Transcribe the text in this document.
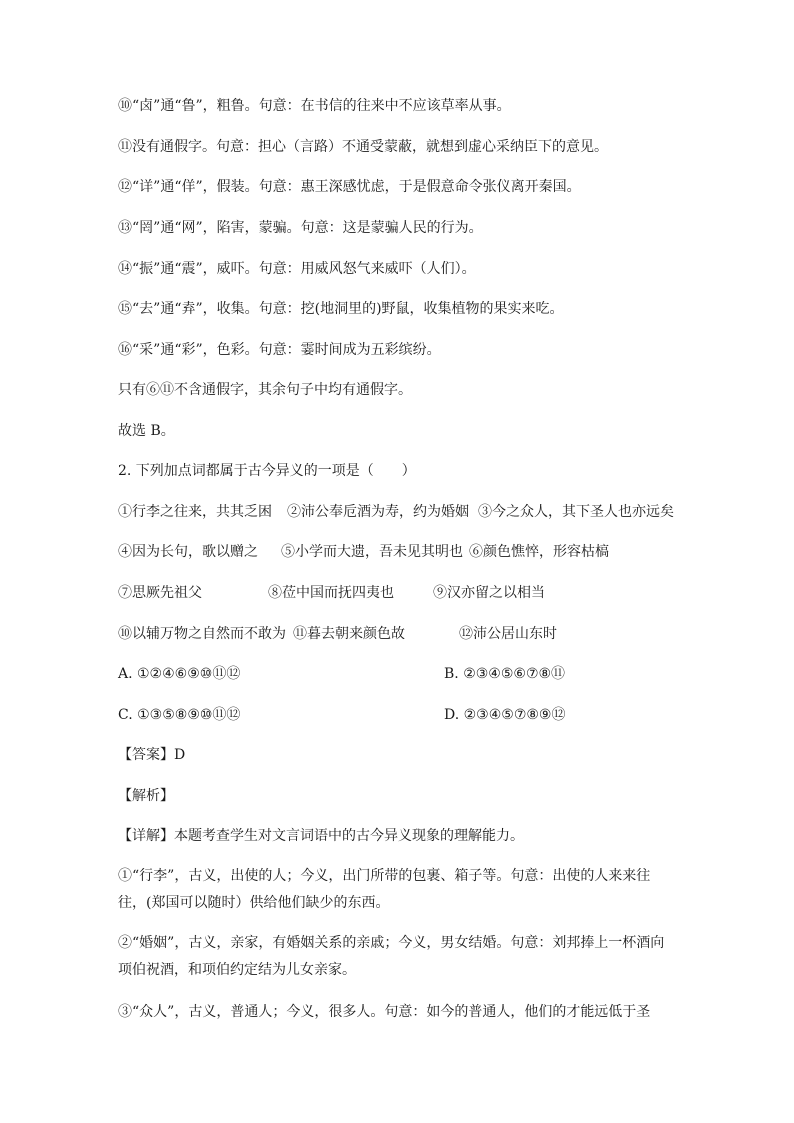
⑩“卤”通“鲁”，粗鲁。句意：在书信的往来中不应该草率从事。
⑪没有通假字。句意：担心（言路）不通受蒙蔽，就想到虚心采纳臣下的意见。
⑫“详”通“佯”，假装。句意：惠王深感忧虑，于是假意命令张仪离开秦国。
⑬“罔”通“网”，陷害，蒙骗。句意：这是蒙骗人民的行为。
⑭“振”通“震”，威吓。句意：用威风怒气来威吓（人们）。
⑮“去”通“弆”，收集。句意：挖(地洞里的)野鼠，收集植物的果实来吃。
⑯“采”通“彩”，色彩。句意：霎时间成为五彩缤纷。
只有⑥⑪不含通假字，其余句子中均有通假字。
故选 B。
2. 下列加点词都属于古今异义的一项是（　　）
①行李之往来，共其乏困 ②沛公奉卮酒为寿，约为婚姻 ③今之众人，其下圣人也亦远矣
④因为长句，歌以赠之 ⑤小学而大遗，吾未见其明也 ⑥颜色憔悴，形容枯槁
⑦思厥先祖父	⑧莅中国而抚四夷也	⑨汉亦留之以相当
⑩以辅万物之自然而不敢为 ⑪暮去朝来颜色故	⑫沛公居山东时
A. ①②④⑥⑨⑩⑪⑫	B. ②③④⑤⑥⑦⑧⑪
C. ①③⑤⑧⑨⑩⑪⑫	D. ②③④⑤⑦⑧⑨⑫
【答案】D
【解析】
【详解】本题考查学生对文言词语中的古今异义现象的理解能力。
①“行李”，古义，出使的人；今义，出门所带的包裹、箱子等。句意：出使的人来来往往，(郑国可以随时）供给他们缺少的东西。
②“婚姻”，古义，亲家，有婚姻关系的亲戚；今义，男女结婚。句意：刘邦捧上一杯酒向项伯祝酒，和项伯约定结为儿女亲家。
③“众人”，古义，普通人；今义，很多人。句意：如今的普通人，他们的才能远低于圣
